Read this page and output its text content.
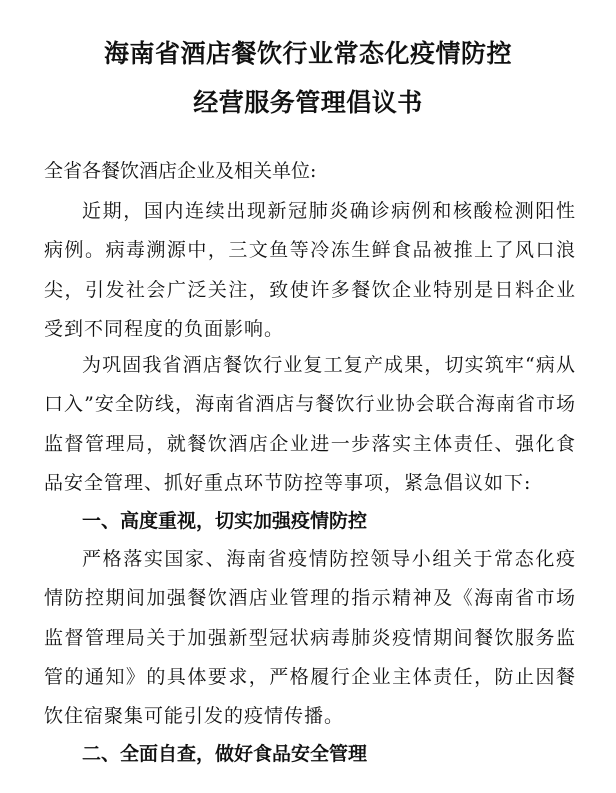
海南省酒店餐饮行业常态化疫情防控
经营服务管理倡议书
全省各餐饮酒店企业及相关单位:

近期，国内连续出现新冠肺炎确诊病例和核酸检测阳性病例。病毒溯源中，三文鱼等冷冻生鲜食品被推上了风口浪尖，引发社会广泛关注，致使许多餐饮企业特别是日料企业受到不同程度的负面影响。

为巩固我省酒店餐饮行业复工复产成果，切实筑牢“病从口入”安全防线，海南省酒店与餐饮行业协会联合海南省市场监督管理局，就餐饮酒店企业进一步落实主体责任、强化食品安全管理、抓好重点环节防控等事项，紧急倡议如下:

一、高度重视，切实加强疫情防控

严格落实国家、海南省疫情防控领导小组关于常态化疫情防控期间加强餐饮酒店业管理的指示精神及《海南省市场监督管理局关于加强新型冠状病毒肺炎疫情期间餐饮服务监管的通知》的具体要求，严格履行企业主体责任，防止因餐饮住宿聚集可能引发的疫情传播。

二、全面自查，做好食品安全管理
